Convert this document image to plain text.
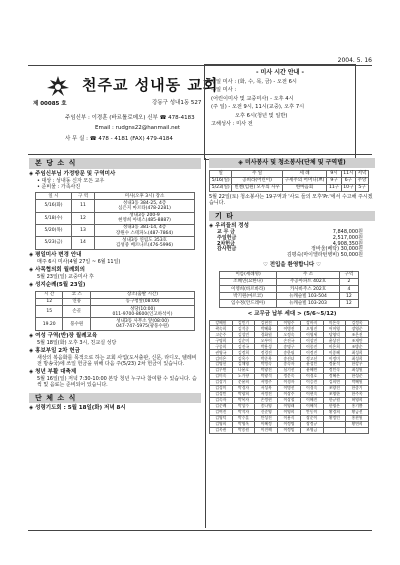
2004. 5. 16
제 00085 호
천주교 성내동 교회
강동구 성내1동 527
주임신부 : 이경훈 (바르톨로메오) 신부 ☎ 478-4183
Email : rudgns22@hanmail.net
사 무 실 : ☎ 478 - 4181 (FAX) 479-4184
- 미사 시간 안내 -
평일 미사 : (화, 수, 목, 금) - 오전 6시
주일 미사 :
(어린이미사 및 교중미사) - 오후 4시
(주 일) - 오전 9시, 11시(교중), 오후 7시
오후 6시(청년 및 일반)
고해성사 : 미사 전
본 당 소 식
◈ 주임신부님 가정방문 및 구역미사
• 대상 : 성내동 신자 모든 교우
• 준비물 : 가족사진
일 시	구 역	미사(오후 3시) 장소
5/16(화)	11	성내3동 384-25, 4층
심은지 마르타(478-2281)

5/18(수)	12	성내3동 200-9
현영희 아네스(485-8887)

5/20(목)	13	성내3동 381-14, 4층
장원수 스테파노(487-7864)

5/23(금)	14	성내3동 연립도 353호
김성중 베르나르(476-5996)
◈ 평일미사 변경 안내
매주 6시 미사(4월 27일 ~ 6월 11일)
◈ 사목협의회 월례회의
5월 23일(일) 교중미사 후
◈ 성지순례(5월 23일)
시 간	코 스	장소(출발 시간)
12	연풍	동구청앞(08:00)
15	손골	성당(10:00)
011-9700-8600(인고하석이)

19.20	풍수원	성내3동 사무소 앞(08:00)
047-747-5975(광풍수원)
◈ 여성 구역(반)장 월례교육
5월 18일(화) 오후 3시, 친교실 성당
◈ 홍보부일 2차 헌금
새상의 복음화를 목적으로 하는 교회 사업(도서출판, 신문, 라디오, 텔레비전 방송국)에 쓰일 헌금을 위해 다음 주(5/23) 2차 헌금이 있습니다.
◈ 청년 부활 대축제
5월 16일(일) 저녁 7:30-10:00 본당 청년 누구나 참여할 수 있습니다. 슴씩 및 음료는 준비되어 있습니다.
단 체 소 식
◈ 성령기도회 : 5월 18일(화) 저녁 8시
◈ 미사봉사 및 청소봉사(단체 및 구역별)
일	주 일	세 례	9시	11시	저녁
5/16(일)	공희라(어린이)	구세주의 어머니(쁘)	9구	6구	주앙
5/23(일)	빈첸(임원) 모두의 사우	한마음회	11구	10구	5구
5월 22일(토) 청소봉사는 19구역과 '사도 들의 모후'Pr.'에서 수고해 주시겠습니다.
기 타
◈ 우리들의 정성
교 무 금	7,848,000원
주일헌금	2,517,000원
2차헌금	4,908,350원
감사헌금	정바울(베탁) 30,000원
	김평숙(마이엘라턴병비) 50,000원
♡ 전입을 환영합니다 ♡
이름(세례명)	주 소	구역
조혜연(요한나)	주공아파트 402호	2
이영희(바르바라)	카사바주스 202호	4
박기원(마르코)	뉴캐슬빌 103-504	12
임수정(안드레아)	뉴캐슬빌 103-203	12
< 교무금 납부 세대 > (5/6~5/12)
강혜원	김민기	김현진	이영주	강바지	미은숙	김정욱
곽숙희	김석중	박혜화	이병진	오영진	어머영	장영준
고순주	김성민	경화원	오정숙	이영세	당영덕	조은진
구명희	김순미	오부이	손진국	이상진	윤상진	조재만
구종희	김진국	박용성	송명구	이종진	이은희	조방순
권영국	김정희	정경진	송한필	이정진	이종혜	최성희
김미은	김옥수	박준복	송선녀	정고선	이정미	최성희
김명선	김채영	박정숙	송숙자	윤성인	정윤석	한강우
김무연	나윤호	박광진	심기선	윤혜연	정인숙	최성원
김미숙	노가향	박광석	정문숙	이경호	정혜은	한성준
김상기	문윤희	서병주	이경자	이승진	김희연	박혜원
김성미	박경자	서성복	이병선	이경숙	조양진	한종기
김성민	박광희	서정진	이상주	이현숙	조영한	한주옥
김숙자	박복자	손정현	이상철	이혜진	한규원	허영희
김순례	박상수	송나영	이영래	이혜석	한영은	홍기쁨
김여진	박석자	신준영	이영희	안동미	황경희	황금선
김영덕	박수훈	안성진	이용식	장순이	황정인	홍찬원
김영희	박영옥	이혜정	이정명	장정규		황연희
김옥권	박종원	이진해	이정임	조영금		
